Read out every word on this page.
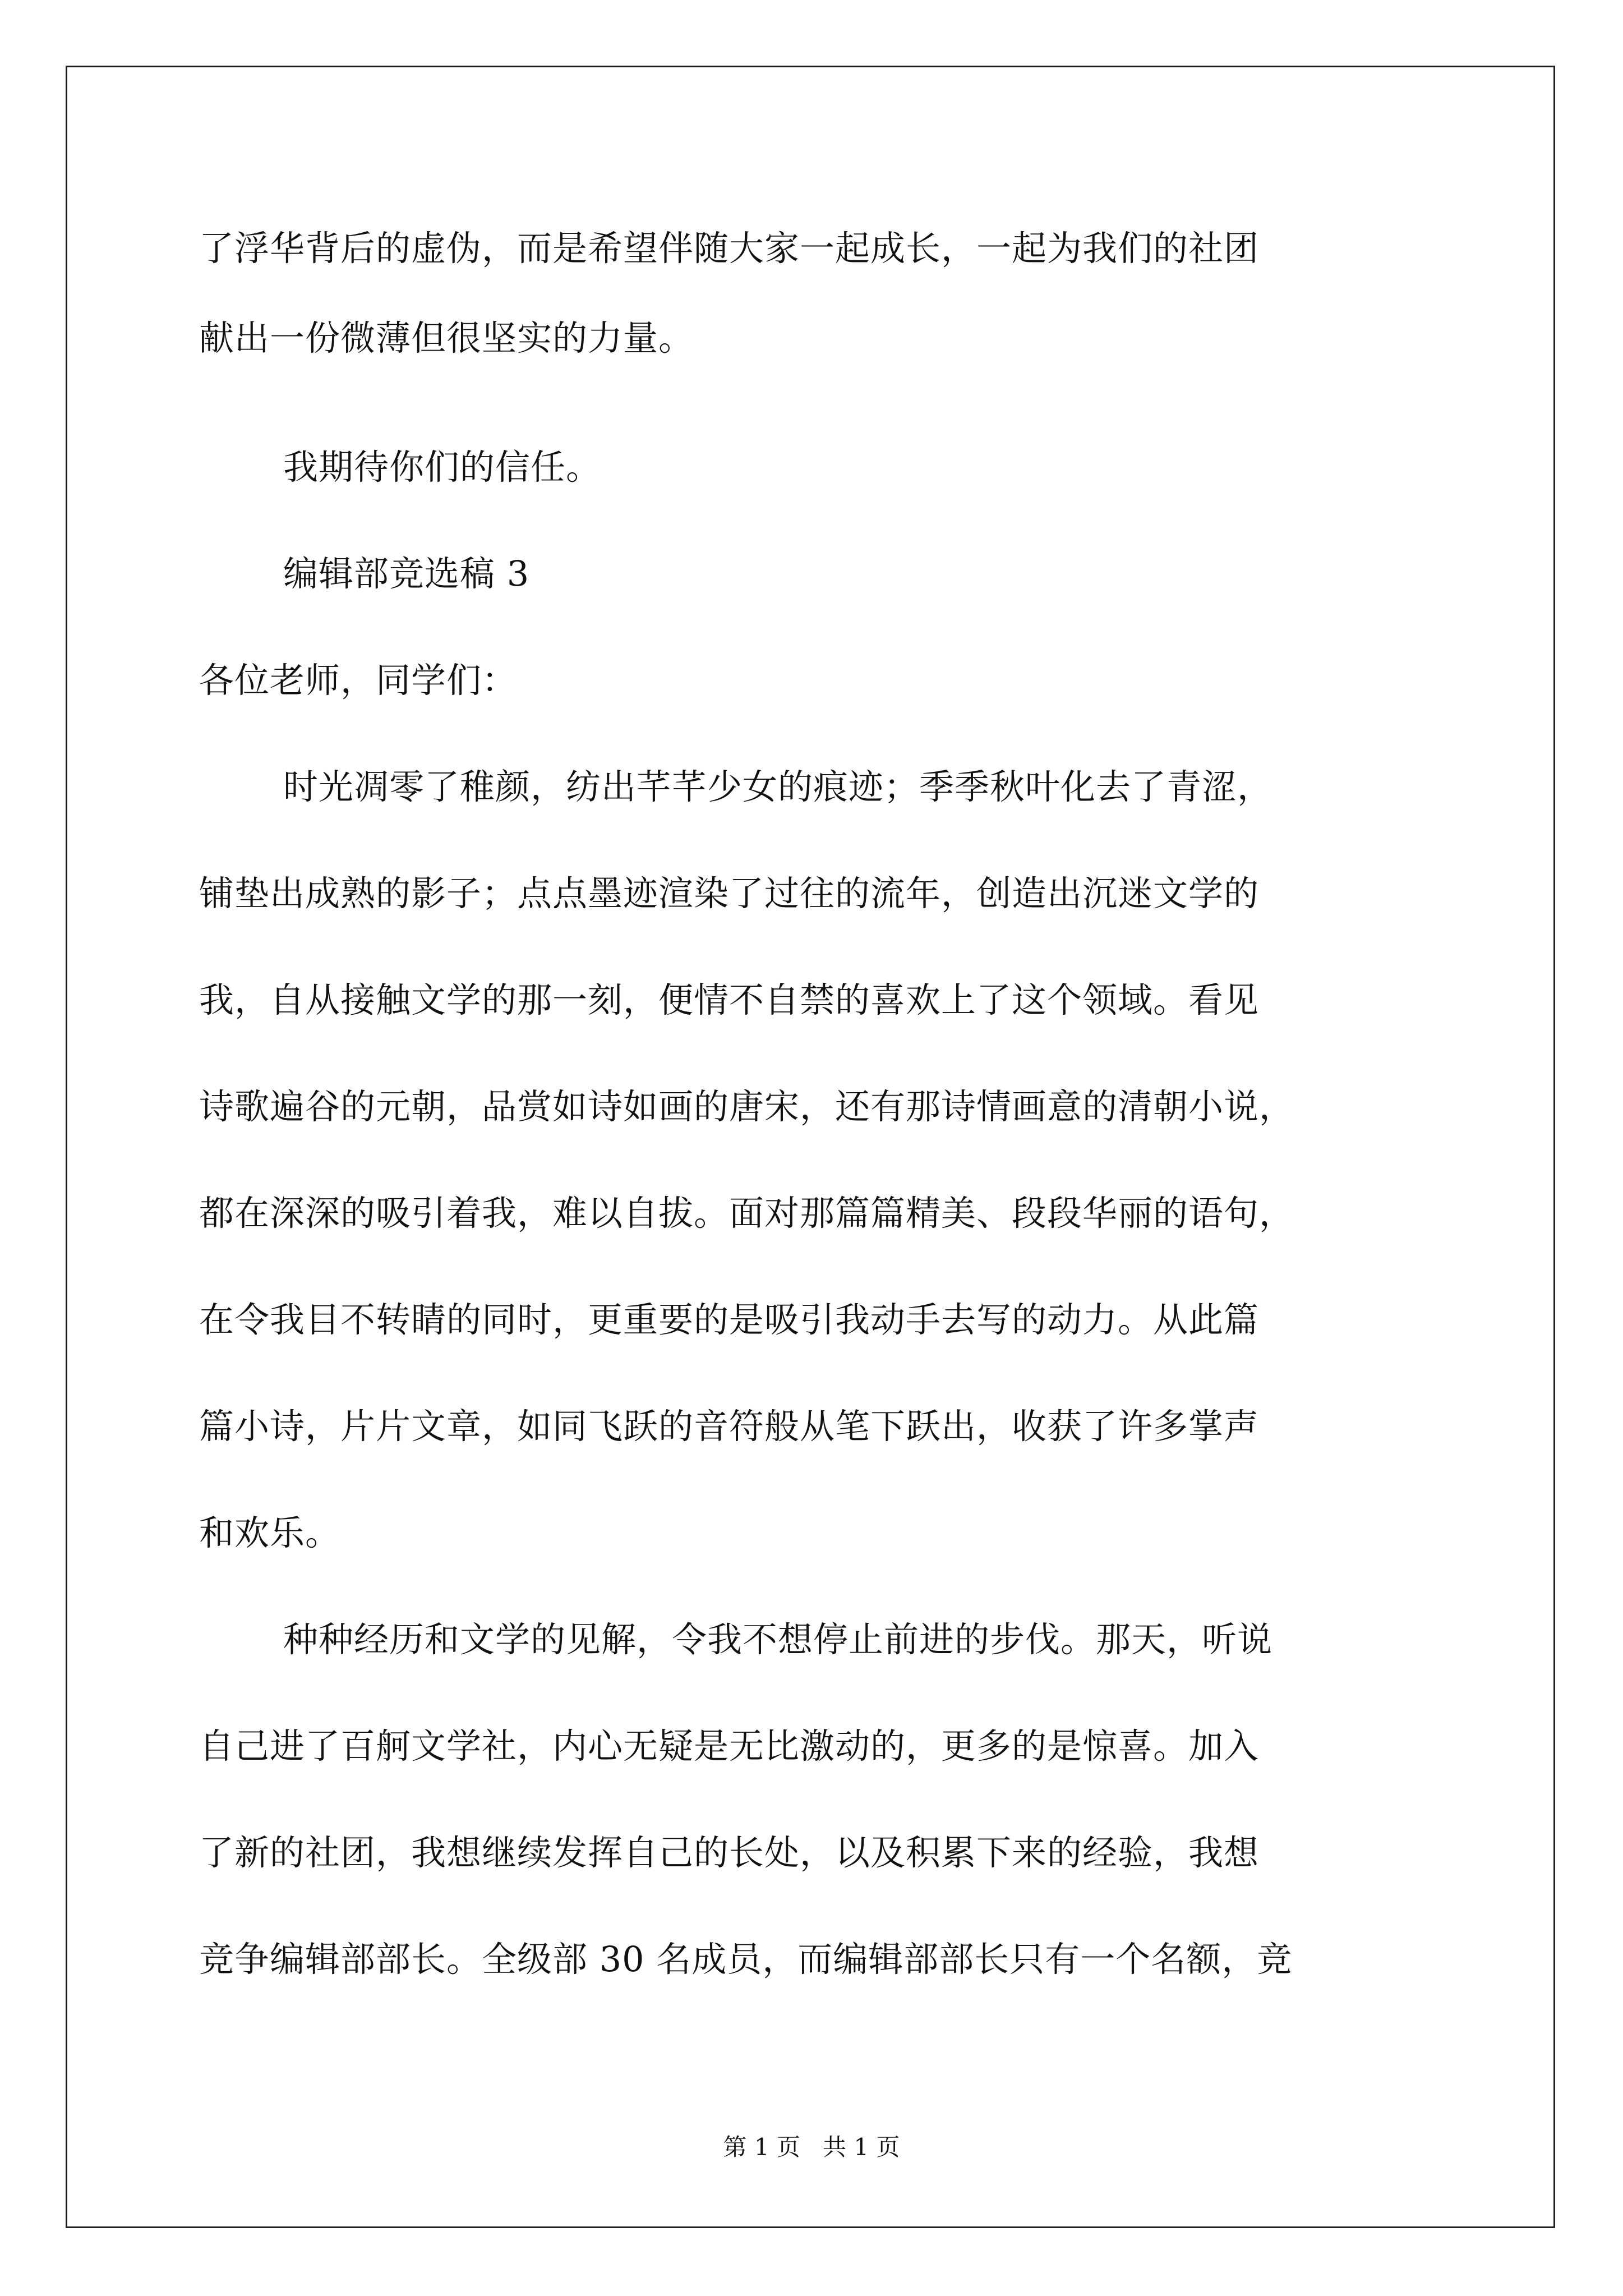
了浮华背后的虚伪，而是希望伴随大家一起成长，一起为我们的社团
献出一份微薄但很坚实的力量。
我期待你们的信任。
编辑部竞选稿 3
各位老师，同学们：
时光凋零了稚颜，纺出芊芊少女的痕迹；季季秋叶化去了青涩，
铺垫出成熟的影子；点点墨迹渲染了过往的流年，创造出沉迷文学的
我，自从接触文学的那一刻，便情不自禁的喜欢上了这个领域。看见
诗歌遍谷的元朝，品赏如诗如画的唐宋，还有那诗情画意的清朝小说，
都在深深的吸引着我，难以自拔。面对那篇篇精美、段段华丽的语句，
在令我目不转睛的同时，更重要的是吸引我动手去写的动力。从此篇
篇小诗，片片文章，如同飞跃的音符般从笔下跃出，收获了许多掌声
和欢乐。
种种经历和文学的见解，令我不想停止前进的步伐。那天，听说
自己进了百舸文学社，内心无疑是无比激动的，更多的是惊喜。加入
了新的社团，我想继续发挥自己的长处，以及积累下来的经验，我想
竞争编辑部部长。全级部 30 名成员，而编辑部部长只有一个名额，竞
第 1 页   共 1 页
